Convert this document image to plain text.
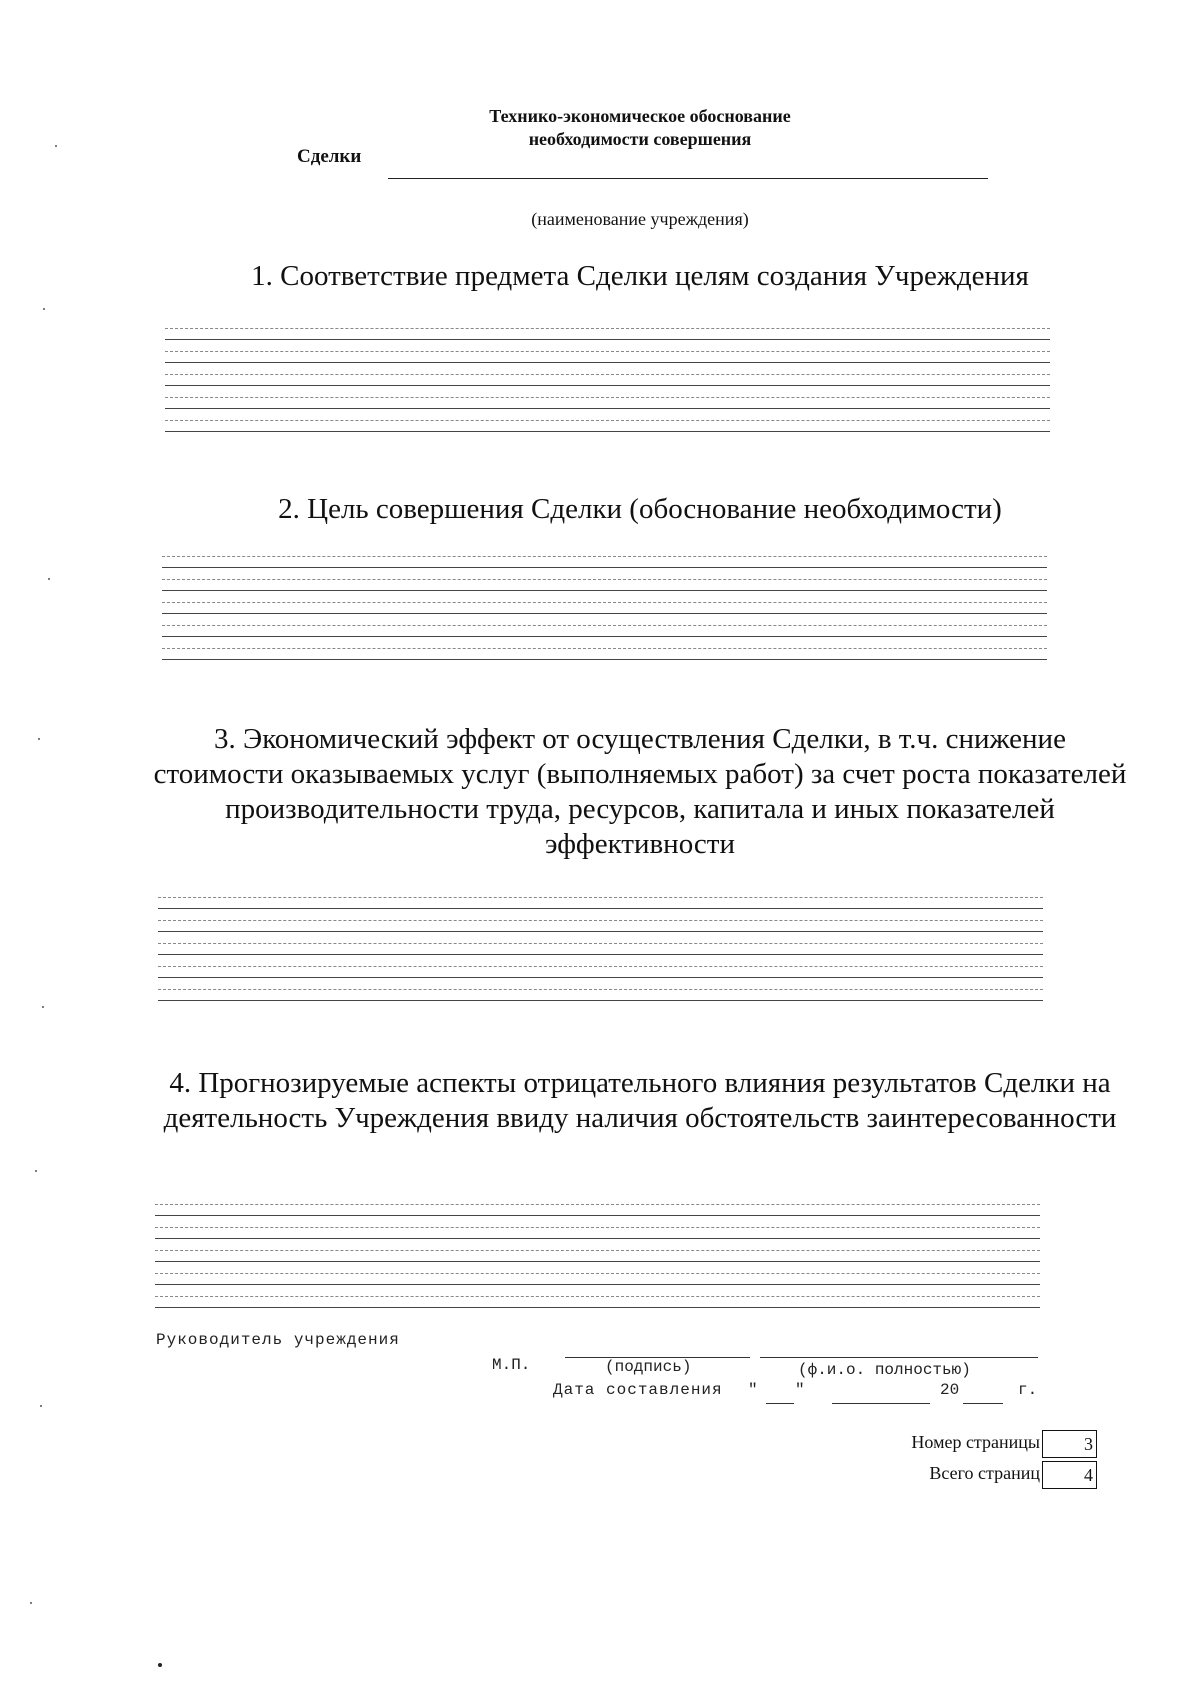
Технико-экономическое обоснование
необходимости совершения
Сделки
(наименование учреждения)
1. Соответствие предмета Сделки целям создания Учреждения
2. Цель совершения Сделки (обоснование необходимости)
3. Экономический эффект от осуществления Сделки, в т.ч. снижение стоимости оказываемых услуг (выполняемых работ) за счет роста показателей производительности труда, ресурсов, капитала и иных показателей эффективности
4. Прогнозируемые аспекты отрицательного влияния результатов Сделки на деятельность Учреждения ввиду наличия обстоятельств заинтересованности
Руководитель учреждения
М.П.	(подпись)	(ф.и.о. полностью)
Дата составления " "	20	г.
Номер страницы	3
Всего страниц	4
